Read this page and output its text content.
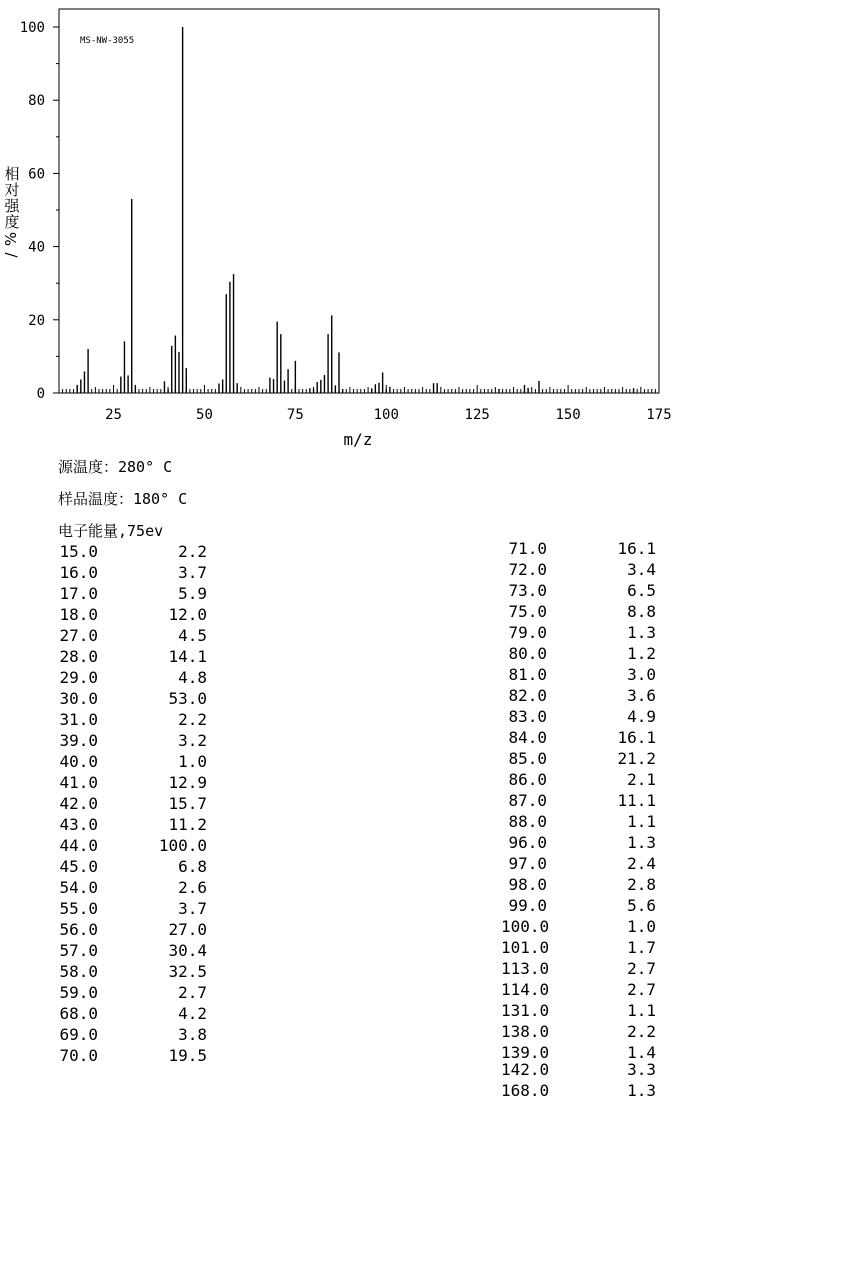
MS-NW-3055
相
对
强
度
%
/
m/z
25	50	75	100	125	150	175
0
20
40
60
80
100
源温度：280° C
样品温度：180° C
电子能量,75ev
15.0	2.2
16.0	3.7
17.0	5.9
18.0	12.0
27.0	4.5
28.0	14.1
29.0	4.8
30.0	53.0
31.0	2.2
39.0	3.2
40.0	1.0
41.0	12.9
42.0	15.7
43.0	11.2
44.0	100.0
45.0	6.8
54.0	2.6
55.0	3.7
56.0	27.0
57.0	30.4
58.0	32.5
59.0	2.7
68.0	4.2
69.0	3.8
70.0	19.5
71.0	16.1
72.0	3.4
73.0	6.5
75.0	8.8
79.0	1.3
80.0	1.2
81.0	3.0
82.0	3.6
83.0	4.9
84.0	16.1
85.0	21.2
86.0	2.1
87.0	11.1
88.0	1.1
96.0	1.3
97.0	2.4
98.0	2.8
99.0	5.6
100.0	1.0
101.0	1.7
113.0	2.7
114.0	2.7
131.0	1.1
138.0	2.2
139.0	1.4
142.0	3.3
168.0	1.3
